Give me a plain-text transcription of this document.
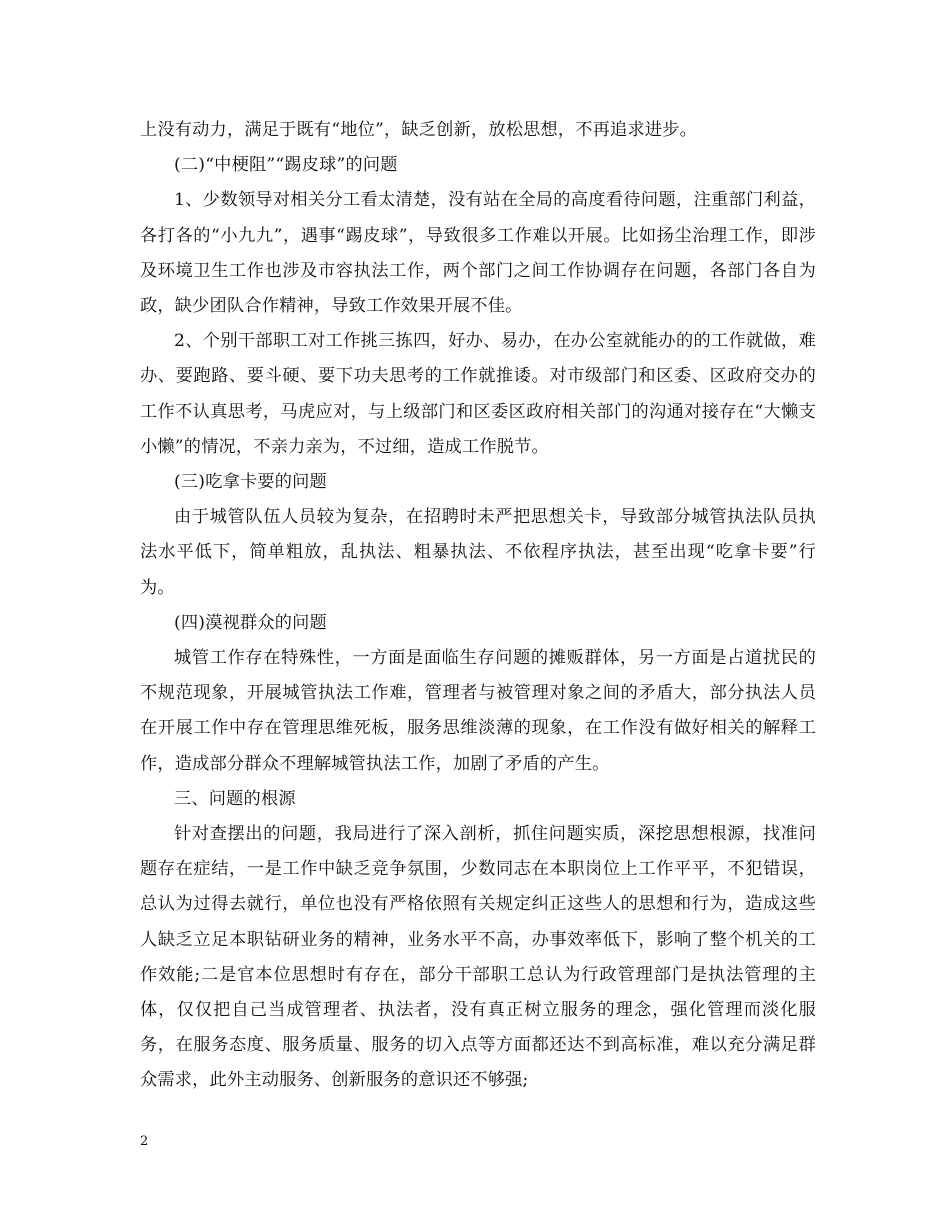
上没有动力，满足于既有“地位”，缺乏创新，放松思想，不再追求进步。

(二)“中梗阻”“踢皮球”的问题

1、少数领导对相关分工看太清楚，没有站在全局的高度看待问题，注重部门利益，各打各的“小九九”，遇事“踢皮球”，导致很多工作难以开展。比如扬尘治理工作，即涉及环境卫生工作也涉及市容执法工作，两个部门之间工作协调存在问题，各部门各自为政，缺少团队合作精神，导致工作效果开展不佳。

2、个别干部职工对工作挑三拣四，好办、易办，在办公室就能办的的工作就做，难办、要跑路、要斗硬、要下功夫思考的工作就推诿。对市级部门和区委、区政府交办的工作不认真思考，马虎应对，与上级部门和区委区政府相关部门的沟通对接存在“大懒支小懒”的情况，不亲力亲为，不过细，造成工作脱节。

(三)吃拿卡要的问题

由于城管队伍人员较为复杂，在招聘时未严把思想关卡，导致部分城管执法队员执法水平低下，简单粗放，乱执法、粗暴执法、不依程序执法，甚至出现“吃拿卡要”行为。

(四)漠视群众的问题

城管工作存在特殊性，一方面是面临生存问题的摊贩群体，另一方面是占道扰民的不规范现象，开展城管执法工作难，管理者与被管理对象之间的矛盾大，部分执法人员在开展工作中存在管理思维死板，服务思维淡薄的现象，在工作没有做好相关的解释工作，造成部分群众不理解城管执法工作，加剧了矛盾的产生。

三、问题的根源

针对查摆出的问题，我局进行了深入剖析，抓住问题实质，深挖思想根源，找准问题存在症结，一是工作中缺乏竞争氛围，少数同志在本职岗位上工作平平，不犯错误，总认为过得去就行，单位也没有严格依照有关规定纠正这些人的思想和行为，造成这些人缺乏立足本职钻研业务的精神，业务水平不高，办事效率低下，影响了整个机关的工作效能;二是官本位思想时有存在，部分干部职工总认为行政管理部门是执法管理的主体，仅仅把自己当成管理者、执法者，没有真正树立服务的理念，强化管理而淡化服务，在服务态度、服务质量、服务的切入点等方面都还达不到高标准，难以充分满足群众需求，此外主动服务、创新服务的意识还不够强;

2
